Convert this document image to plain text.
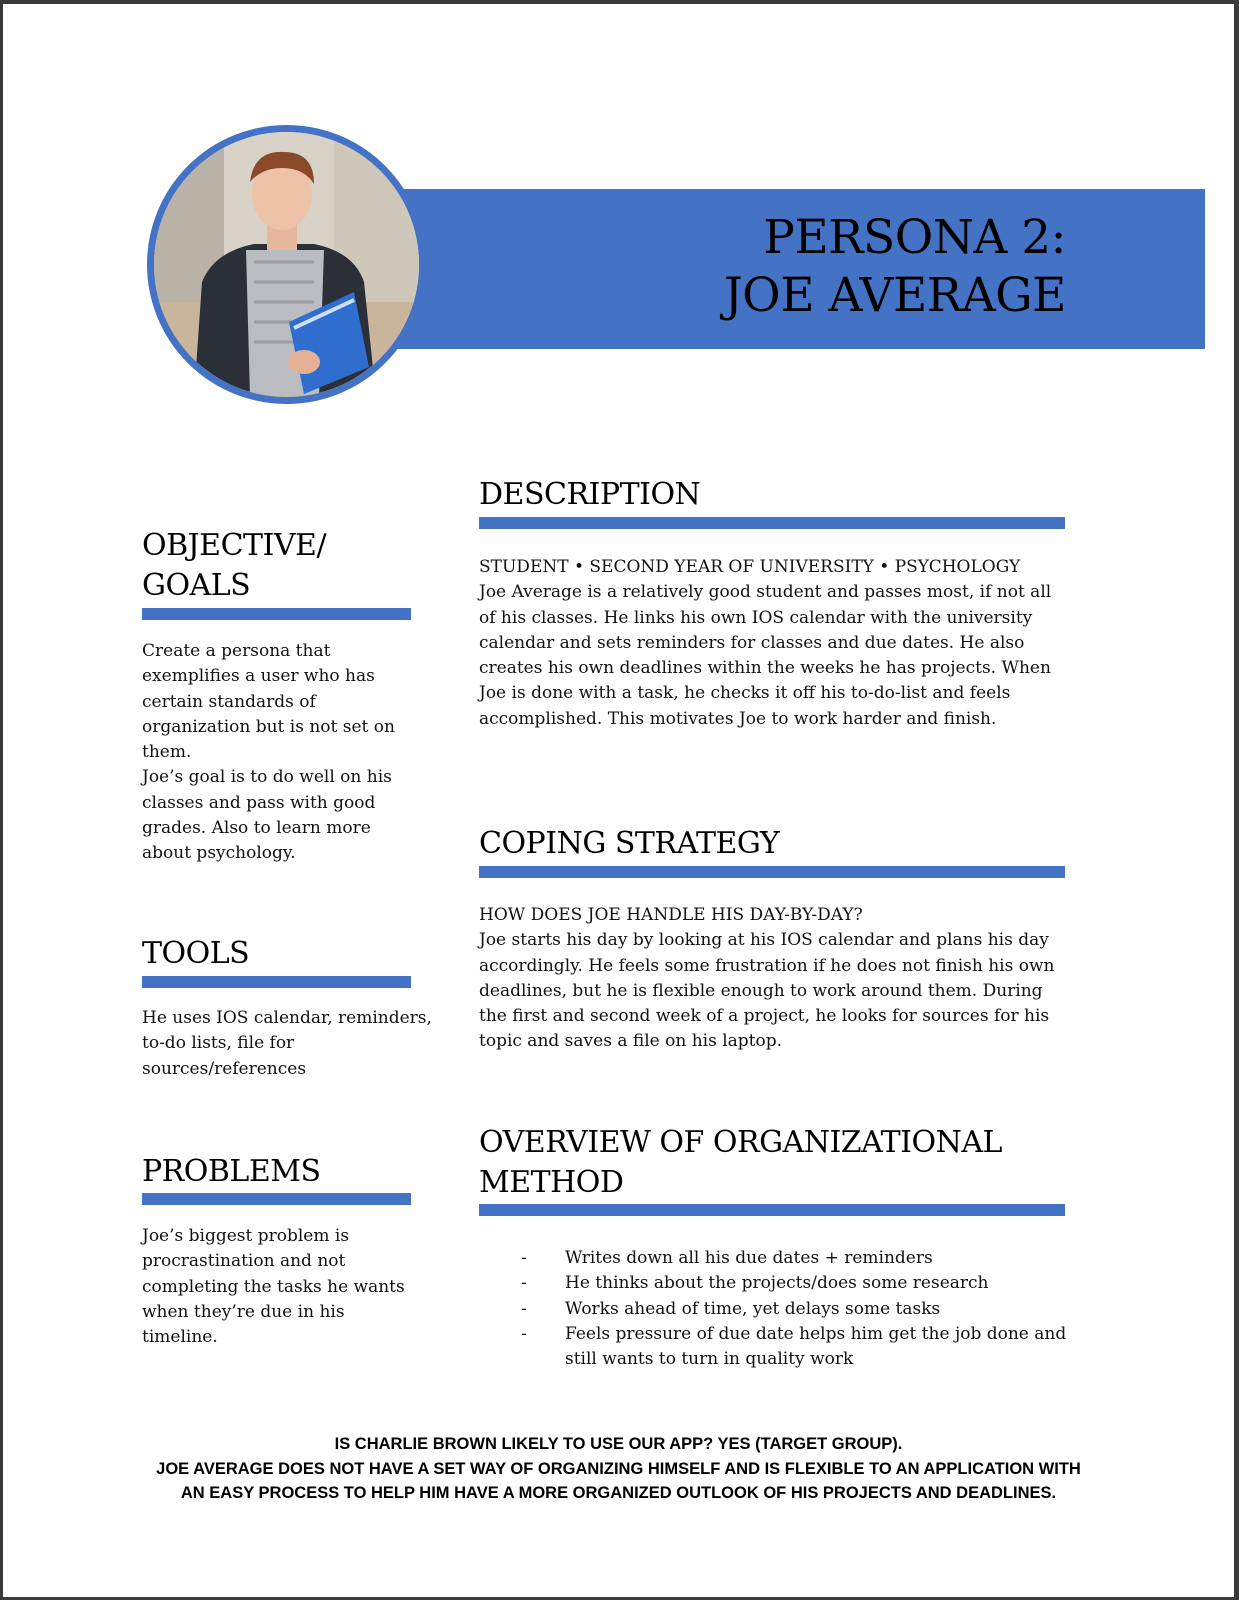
PERSONA 2:
JOE AVERAGE
OBJECTIVE/
GOALS

Create a persona that exemplifies a user who has certain standards of organization but is not set on them.

Joe’s goal is to do well on his classes and pass with good grades. Also to learn more about psychology.

TOOLS

He uses IOS calendar, reminders, to-do lists, file for sources/references

PROBLEMS

Joe’s biggest problem is procrastination and not completing the tasks he wants when they’re due in his timeline.

DESCRIPTION

STUDENT • SECOND YEAR OF UNIVERSITY • PSYCHOLOGY

Joe Average is a relatively good student and passes most, if not all of his classes. He links his own IOS calendar with the university calendar and sets reminders for classes and due dates. He also creates his own deadlines within the weeks he has projects. When Joe is done with a task, he checks it off his to-do-list and feels accomplished. This motivates Joe to work harder and finish.

COPING STRATEGY

HOW DOES JOE HANDLE HIS DAY-BY-DAY?

Joe starts his day by looking at his IOS calendar and plans his day accordingly. He feels some frustration if he does not finish his own deadlines, but he is flexible enough to work around them. During the first and second week of a project, he looks for sources for his topic and saves a file on his laptop.

OVERVIEW OF ORGANIZATIONAL
METHOD
- Writes down all his due dates + reminders
- He thinks about the projects/does some research
- Works ahead of time, yet delays some tasks
- Feels pressure of due date helps him get the job done and still wants to turn in quality work

IS CHARLIE BROWN LIKELY TO USE OUR APP? YES (TARGET GROUP).
JOE AVERAGE DOES NOT HAVE A SET WAY OF ORGANIZING HIMSELF AND IS FLEXIBLE TO AN APPLICATION WITH
AN EASY PROCESS TO HELP HIM HAVE A MORE ORGANIZED OUTLOOK OF HIS PROJECTS AND DEADLINES.
